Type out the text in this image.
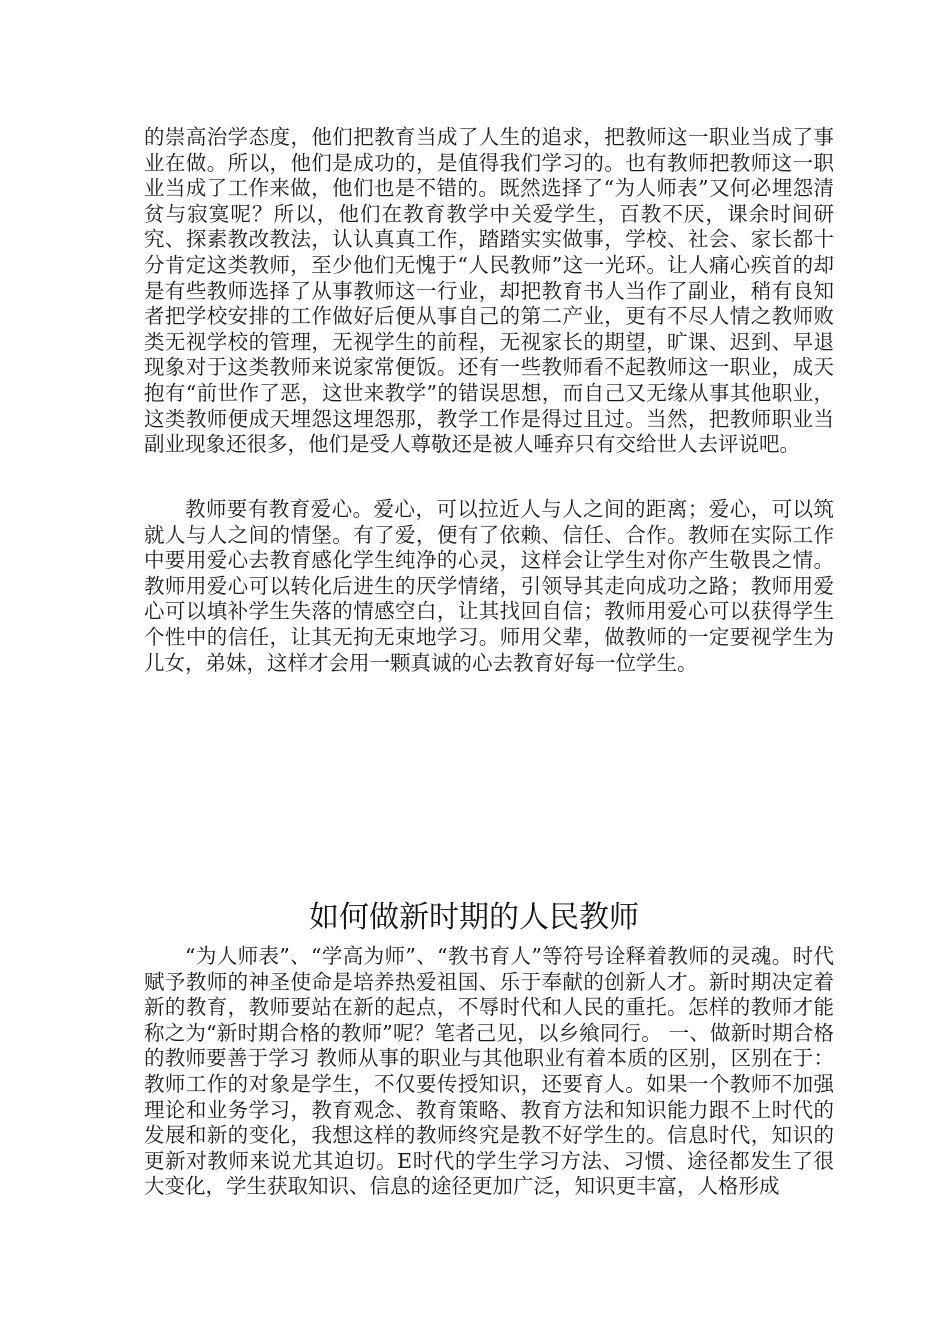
的崇高治学态度，他们把教育当成了人生的追求，把教师这一职业当成了事业在做。所以，他们是成功的，是值得我们学习的。也有教师把教师这一职业当成了工作来做，他们也是不错的。既然选择了“为人师表”又何必埋怨清贫与寂寞呢？所以，他们在教育教学中关爱学生，百教不厌，课余时间研究、探素教改教法，认认真真工作，踏踏实实做事，学校、社会、家长都十分肯定这类教师，至少他们无愧于“人民教师”这一光环。让人痛心疾首的却是有些教师选择了从事教师这一行业，却把教育书人当作了副业，稍有良知者把学校安排的工作做好后便从事自己的第二产业，更有不尽人情之教师败类无视学校的管理，无视学生的前程，无视家长的期望，旷课、迟到、早退现象对于这类教师来说家常便饭。还有一些教师看不起教师这一职业，成天抱有“前世作了恶，这世来教学”的错误思想，而自己又无缘从事其他职业，这类教师便成天埋怨这埋怨那，教学工作是得过且过。当然，把教师职业当副业现象还很多，他们是受人尊敬还是被人唾弃只有交给世人去评说吧。

教师要有教育爱心。爱心，可以拉近人与人之间的距离；爱心，可以筑就人与人之间的情堡。有了爱，便有了依赖、信任、合作。教师在实际工作中要用爱心去教育感化学生纯净的心灵，这样会让学生对你产生敬畏之情。教师用爱心可以转化后进生的厌学情绪，引领导其走向成功之路；教师用爱心可以填补学生失落的情感空白，让其找回自信；教师用爱心可以获得学生个性中的信任，让其无拘无束地学习。师用父辈，做教师的一定要视学生为儿女，弟妹，这样才会用一颗真诚的心去教育好每一位学生。

如何做新时期的人民教师

“为人师表”、“学高为师”、“教书育人”等符号诠释着教师的灵魂。时代赋予教师的神圣使命是培养热爱祖国、乐于奉献的创新人才。新时期决定着新的教育，教师要站在新的起点，不辱时代和人民的重托。怎样的教师才能称之为“新时期合格的教师”呢？笔者己见，以乡飨同行。 一、做新时期合格的教师要善于学习 教师从事的职业与其他职业有着本质的区别，区别在于：教师工作的对象是学生，不仅要传授知识，还要育人。如果一个教师不加强理论和业务学习，教育观念、教育策略、教育方法和知识能力跟不上时代的发展和新的变化，我想这样的教师终究是教不好学生的。信息时代，知识的更新对教师来说尤其迫切。E时代的学生学习方法、习惯、途径都发生了很大变化，学生获取知识、信息的途径更加广泛，知识更丰富，人格形成
